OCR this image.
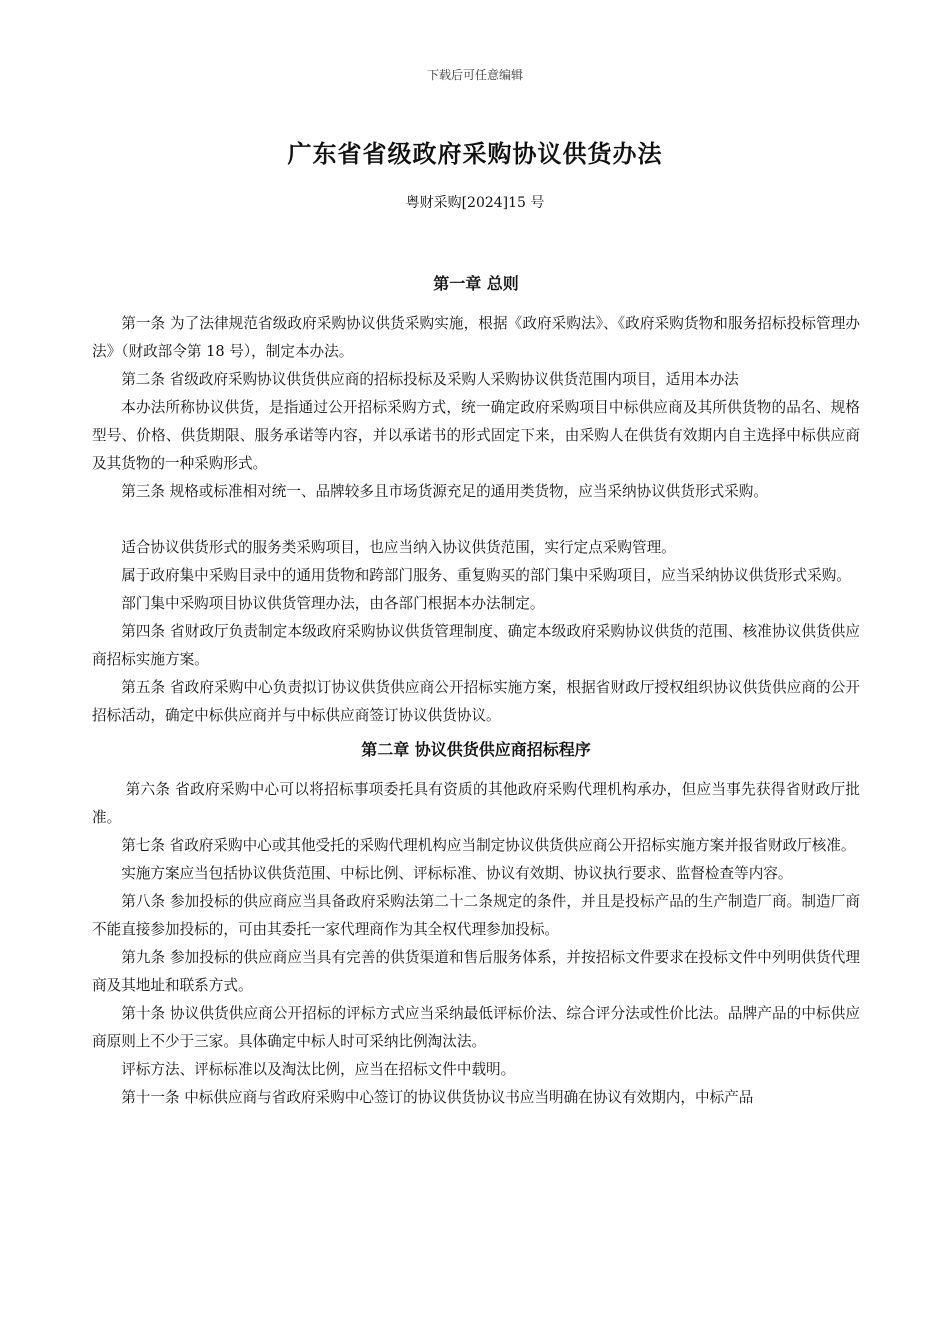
下载后可任意编辑
广东省省级政府采购协议供货办法
粤财采购[2024]15 号
第一章 总则

第一条 为了法律规范省级政府采购协议供货采购实施，根据《政府采购法》、《政府采购货物和服务招标投标管理办法》（财政部令第 18 号），制定本办法。

第二条 省级政府采购协议供货供应商的招标投标及采购人采购协议供货范围内项目，适用本办法

本办法所称协议供货，是指通过公开招标采购方式，统一确定政府采购项目中标供应商及其所供货物的品名、规格型号、价格、供货期限、服务承诺等内容，并以承诺书的形式固定下来，由采购人在供货有效期内自主选择中标供应商及其货物的一种采购形式。

第三条 规格或标准相对统一、品牌较多且市场货源充足的通用类货物，应当采纳协议供货形式采购。

适合协议供货形式的服务类采购项目，也应当纳入协议供货范围，实行定点采购管理。

属于政府集中采购目录中的通用货物和跨部门服务、重复购买的部门集中采购项目，应当采纳协议供货形式采购。

部门集中采购项目协议供货管理办法，由各部门根据本办法制定。

第四条 省财政厅负责制定本级政府采购协议供货管理制度、确定本级政府采购协议供货的范围、核准协议供货供应商招标实施方案。

第五条 省政府采购中心负责拟订协议供货供应商公开招标实施方案，根据省财政厅授权组织协议供货供应商的公开招标活动，确定中标供应商并与中标供应商签订协议供货协议。

第二章 协议供货供应商招标程序

第六条 省政府采购中心可以将招标事项委托具有资质的其他政府采购代理机构承办，但应当事先获得省财政厅批准。

第七条 省政府采购中心或其他受托的采购代理机构应当制定协议供货供应商公开招标实施方案并报省财政厅核准。

实施方案应当包括协议供货范围、中标比例、评标标准、协议有效期、协议执行要求、监督检查等内容。

第八条 参加投标的供应商应当具备政府采购法第二十二条规定的条件，并且是投标产品的生产制造厂商。制造厂商不能直接参加投标的，可由其委托一家代理商作为其全权代理参加投标。

第九条 参加投标的供应商应当具有完善的供货渠道和售后服务体系，并按招标文件要求在投标文件中列明供货代理商及其地址和联系方式。

第十条 协议供货供应商公开招标的评标方式应当采纳最低评标价法、综合评分法或性价比法。品牌产品的中标供应商原则上不少于三家。具体确定中标人时可采纳比例淘汰法。

评标方法、评标标准以及淘汰比例，应当在招标文件中载明。

第十一条 中标供应商与省政府采购中心签订的协议供货协议书应当明确在协议有效期内，中标产品
